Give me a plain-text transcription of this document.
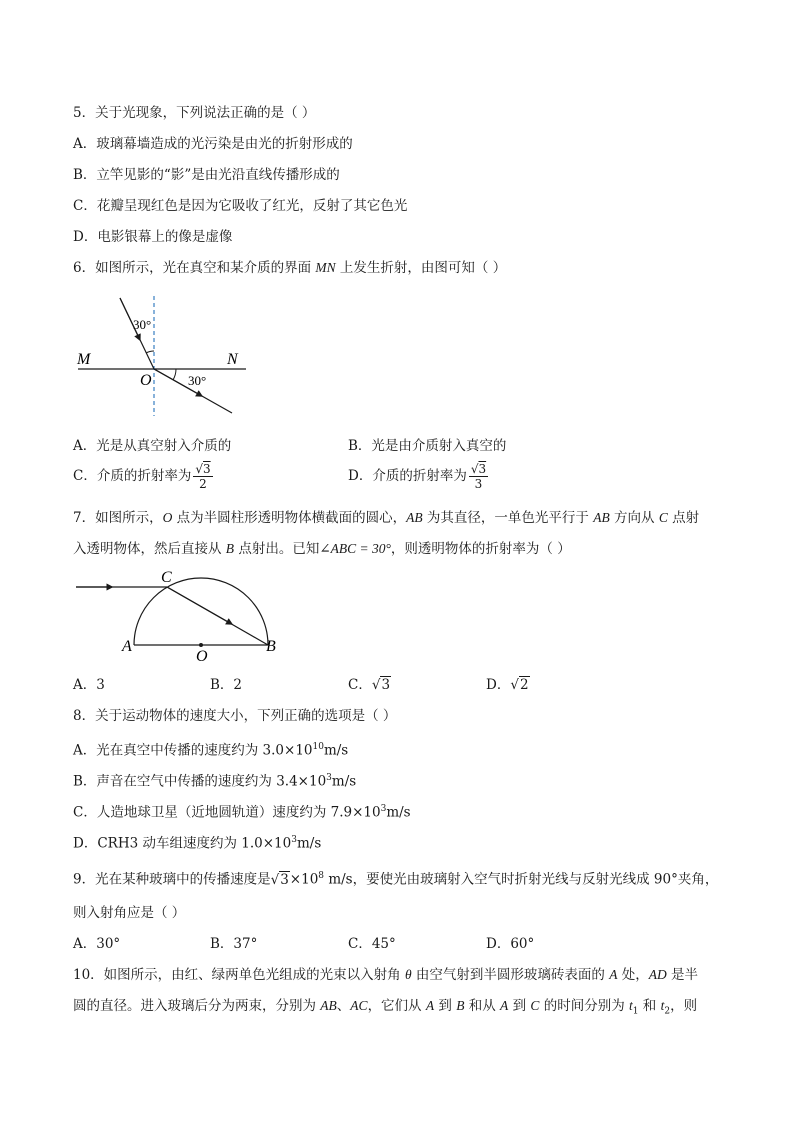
5．关于光现象，下列说法正确的是（ ）
A．玻璃幕墙造成的光污染是由光的折射形成的
B．立竿见影的“影”是由光沿直线传播形成的
C．花瓣呈现红色是因为它吸收了红光，反射了其它色光
D．电影银幕上的像是虚像
6．如图所示，光在真空和某介质的界面 MN 上发生折射，由图可知（ ）
30°
30°
M	N
O
A．光是从真空射入介质的	B．光是由介质射入真空的
C．介质的折射率为 $\frac{√3}{2}$	D．介质的折射率为 $\frac{√3}{3}$
7．如图所示，O 点为半圆柱形透明物体横截面的圆心，AB 为其直径，一单色光平行于 AB 方向从 C 点射
入透明物体，然后直接从 B 点射出。已知∠ABC = 30°，则透明物体的折射率为（ ）
C
A	B
O
A．3	B．2	C．√3	D．√2
8．关于运动物体的速度大小，下列正确的选项是（ ）
A．光在真空中传播的速度约为 $3.0\times 10^{10}m/s$
B．声音在空气中传播的速度约为 $3.4\times 10^3m/s$
C．人造地球卫星（近地圆轨道）速度约为 $7.9\times 10^3m/s$
D．CRH3 动车组速度约为 $1.0\times 10^3m/s$
9．光在某种玻璃中的传播速度是$√3\times 10^8$ m/s，要使光由玻璃射入空气时折射光线与反射光线成 90°夹角，
则入射角应是（ ）
A．30°	B．37°	C．45°	D．60°
10．如图所示，由红、绿两单色光组成的光束以入射角 θ 由空气射到半圆形玻璃砖表面的 A 处，AD 是半
圆的直径。进入玻璃后分为两束，分别为 AB、AC，它们从 A 到 B 和从 A 到 C 的时间分别为 $t_1$ 和 $t_2$，则
